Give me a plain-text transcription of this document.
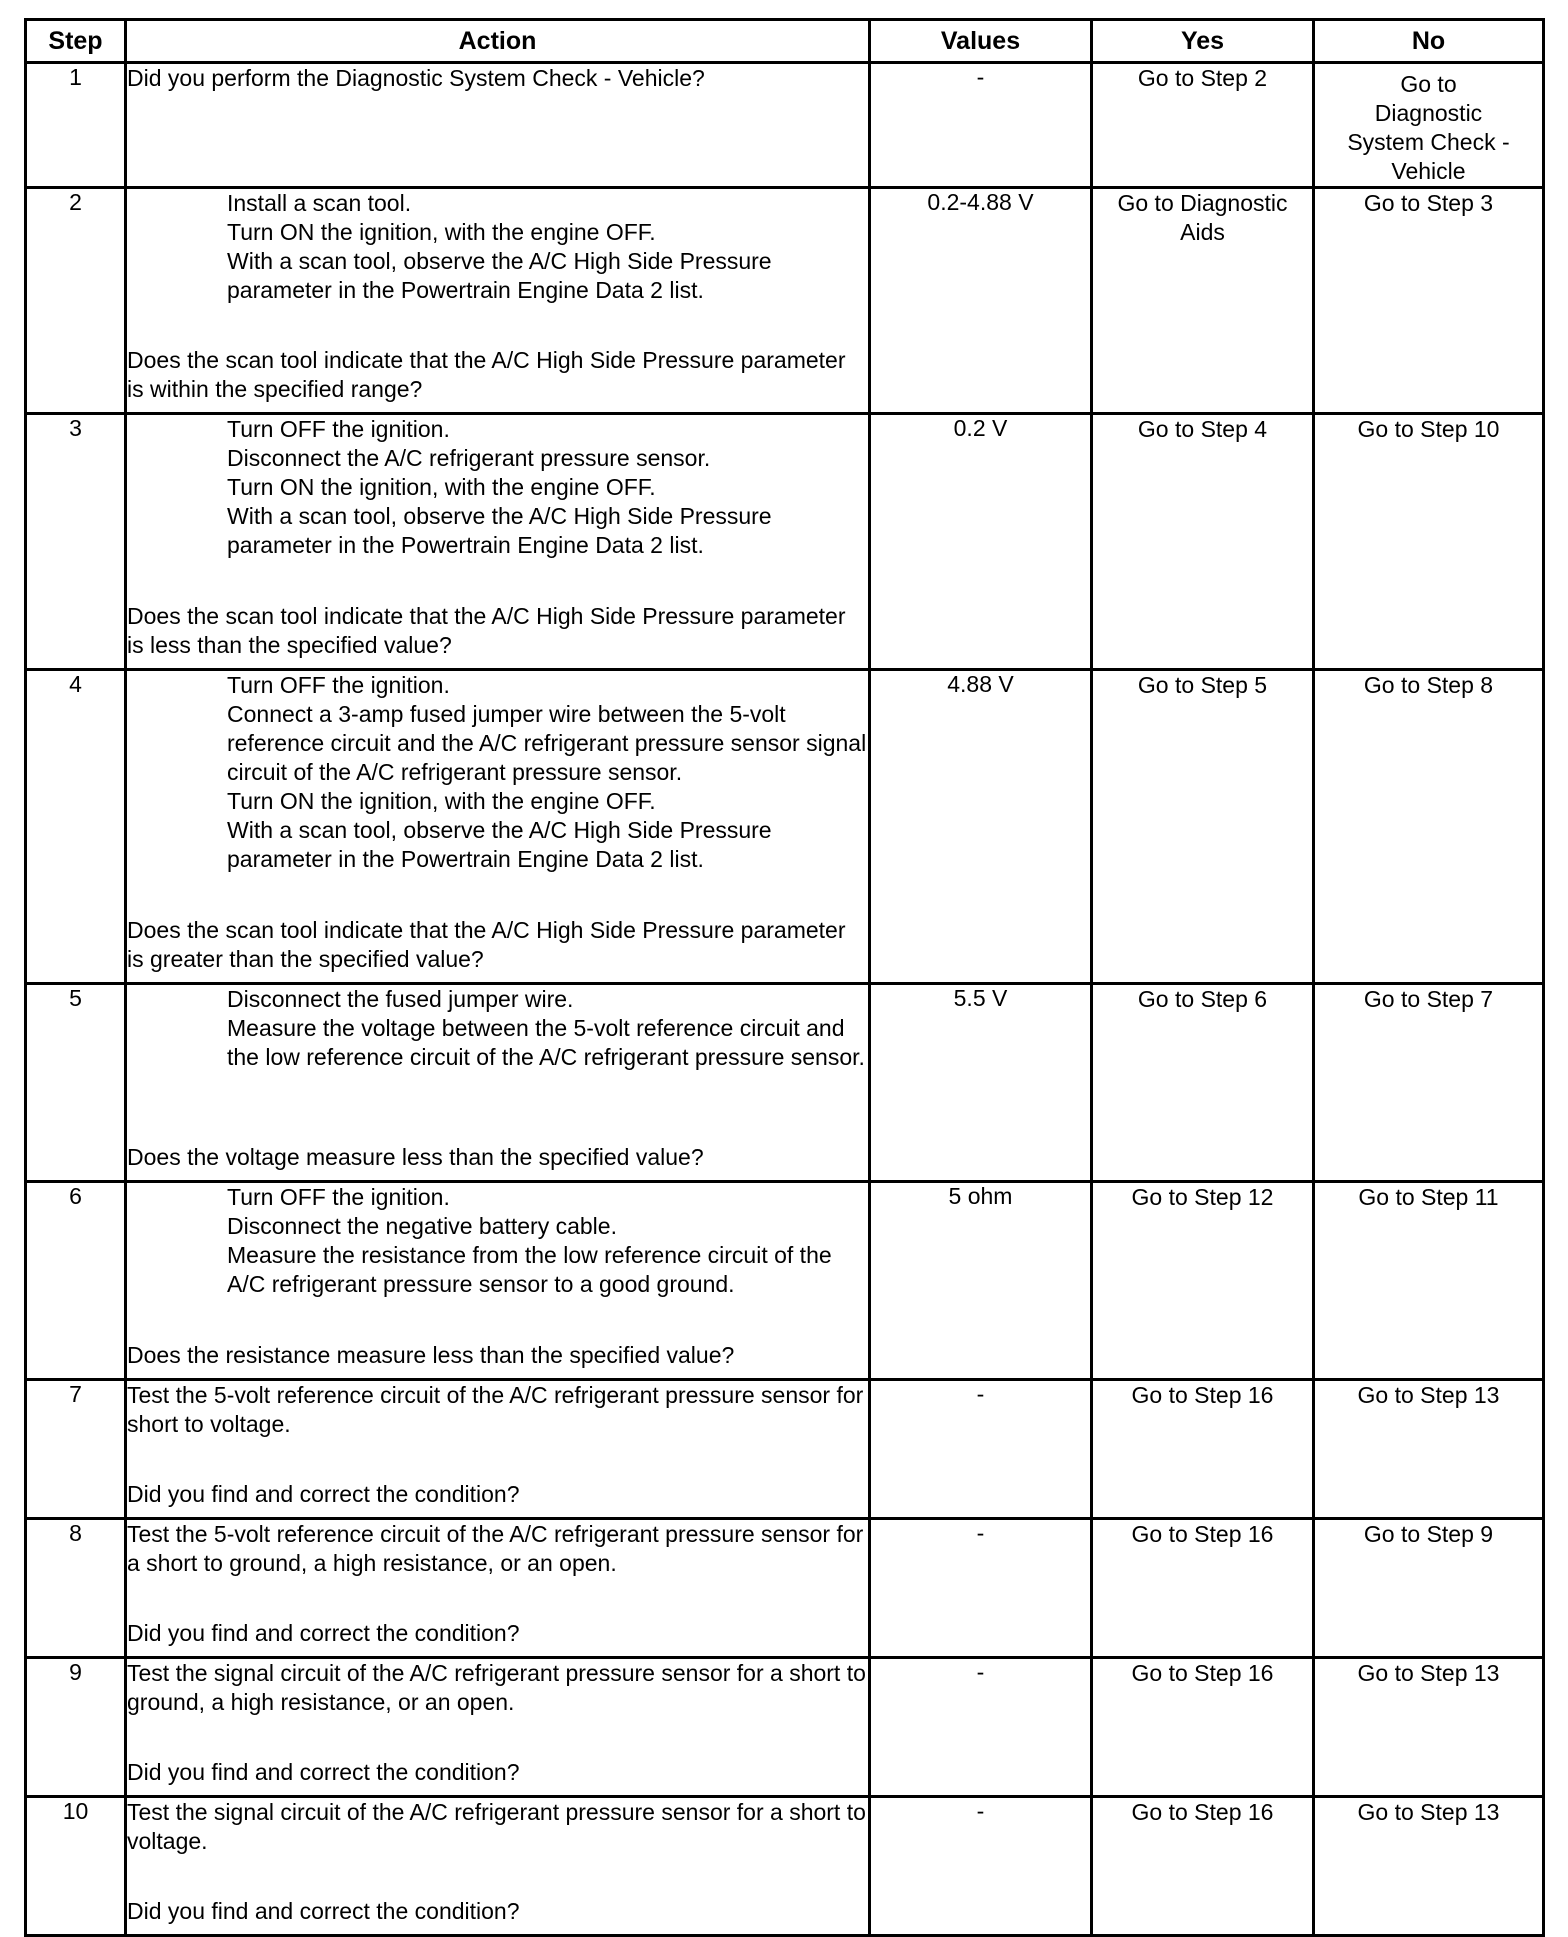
Step	Action	Values	Yes	No
1	Did you perform the Diagnostic System Check - Vehicle?	-	Go to Step 2	Go to Diagnostic System Check - Vehicle

2	Install a scan tool.
Turn ON the ignition, with the engine OFF.
With a scan tool, observe the A/C High Side Pressure parameter in the Powertrain Engine Data 2 list.
Does the scan tool indicate that the A/C High Side Pressure parameter is within the specified range?	0.2-4.88 V	Go to Diagnostic Aids	Go to Step 3
3	Turn OFF the ignition.
Disconnect the A/C refrigerant pressure sensor.
Turn ON the ignition, with the engine OFF.
With a scan tool, observe the A/C High Side Pressure parameter in the Powertrain Engine Data 2 list.
Does the scan tool indicate that the A/C High Side Pressure parameter is less than the specified value?	0.2 V	Go to Step 4	Go to Step 10
4	Turn OFF the ignition.
Connect a 3-amp fused jumper wire between the 5-volt reference circuit and the A/C refrigerant pressure sensor signal circuit of the A/C refrigerant pressure sensor.
Turn ON the ignition, with the engine OFF.
With a scan tool, observe the A/C High Side Pressure parameter in the Powertrain Engine Data 2 list.
Does the scan tool indicate that the A/C High Side Pressure parameter is greater than the specified value?	4.88 V	Go to Step 5	Go to Step 8
5	Disconnect the fused jumper wire.
Measure the voltage between the 5-volt reference circuit and the low reference circuit of the A/C refrigerant pressure sensor.
Does the voltage measure less than the specified value?	5.5 V	Go to Step 6	Go to Step 7
6	Turn OFF the ignition.
Disconnect the negative battery cable.
Measure the resistance from the low reference circuit of the A/C refrigerant pressure sensor to a good ground.
Does the resistance measure less than the specified value?	5 ohm	Go to Step 12	Go to Step 11
7	Test the 5-volt reference circuit of the A/C refrigerant pressure sensor for short to voltage.
Did you find and correct the condition?	-	Go to Step 16	Go to Step 13
8	Test the 5-volt reference circuit of the A/C refrigerant pressure sensor for a short to ground, a high resistance, or an open.
Did you find and correct the condition?	-	Go to Step 16	Go to Step 9
9	Test the signal circuit of the A/C refrigerant pressure sensor for a short to ground, a high resistance, or an open.
Did you find and correct the condition?	-	Go to Step 16	Go to Step 13
10	Test the signal circuit of the A/C refrigerant pressure sensor for a short to voltage.
Did you find and correct the condition?	-	Go to Step 16	Go to Step 13
